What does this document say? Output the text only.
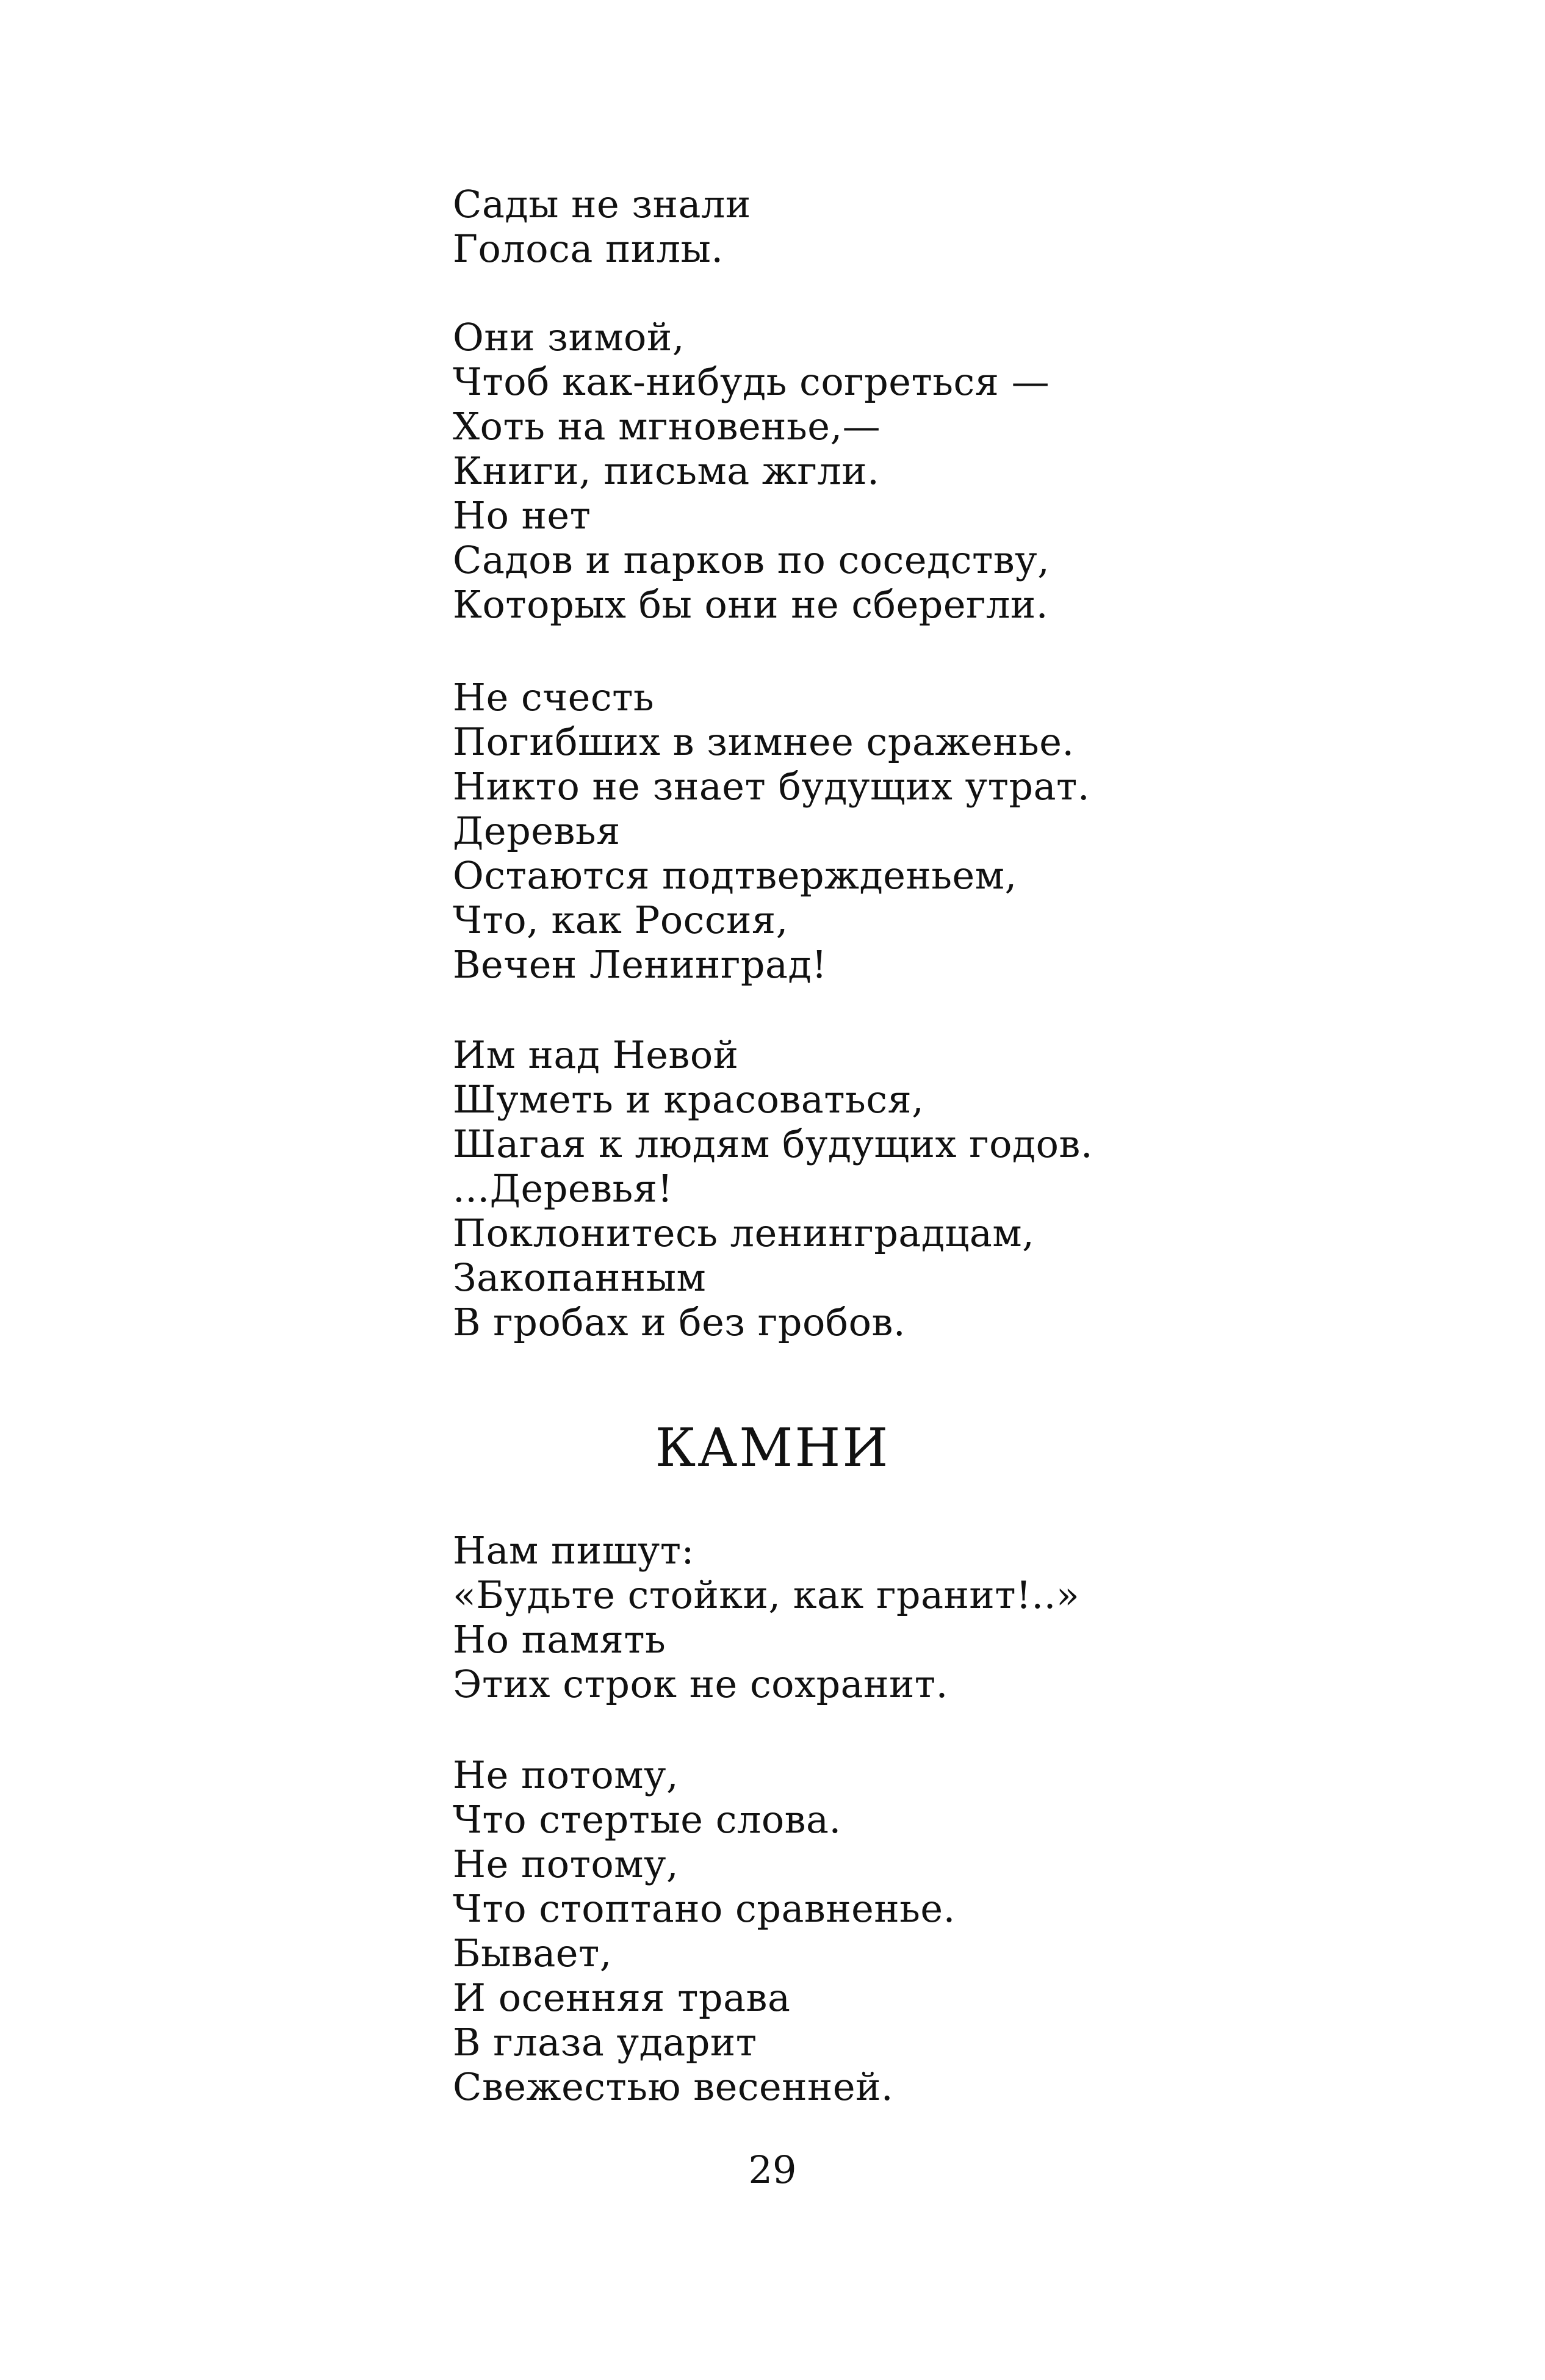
Сады не знали
Голоса пилы.
Они зимой,
Чтоб как-нибудь согреться —
Хоть на мгновенье,—
Книги, письма жгли.
Но нет
Садов и парков по соседству,
Которых бы они не сберегли.
Не счесть
Погибших в зимнее сраженье.
Никто не знает будущих утрат.
Деревья
Остаются подтвержденьем,
Что, как Россия,
Вечен Ленинград!
Им над Невой
Шуметь и красоваться,
Шагая к людям будущих годов.
...Деревья!
Поклонитесь ленинградцам,
Закопанным
В гробах и без гробов.
КАМНИ
Нам пишут:
«Будьте стойки, как гранит!..»
Но память
Этих строк не сохранит.
Не потому,
Что стертые слова.
Не потому,
Что стоптано сравненье.
Бывает,
И осенняя трава
В глаза ударит
Свежестью весенней.
29
